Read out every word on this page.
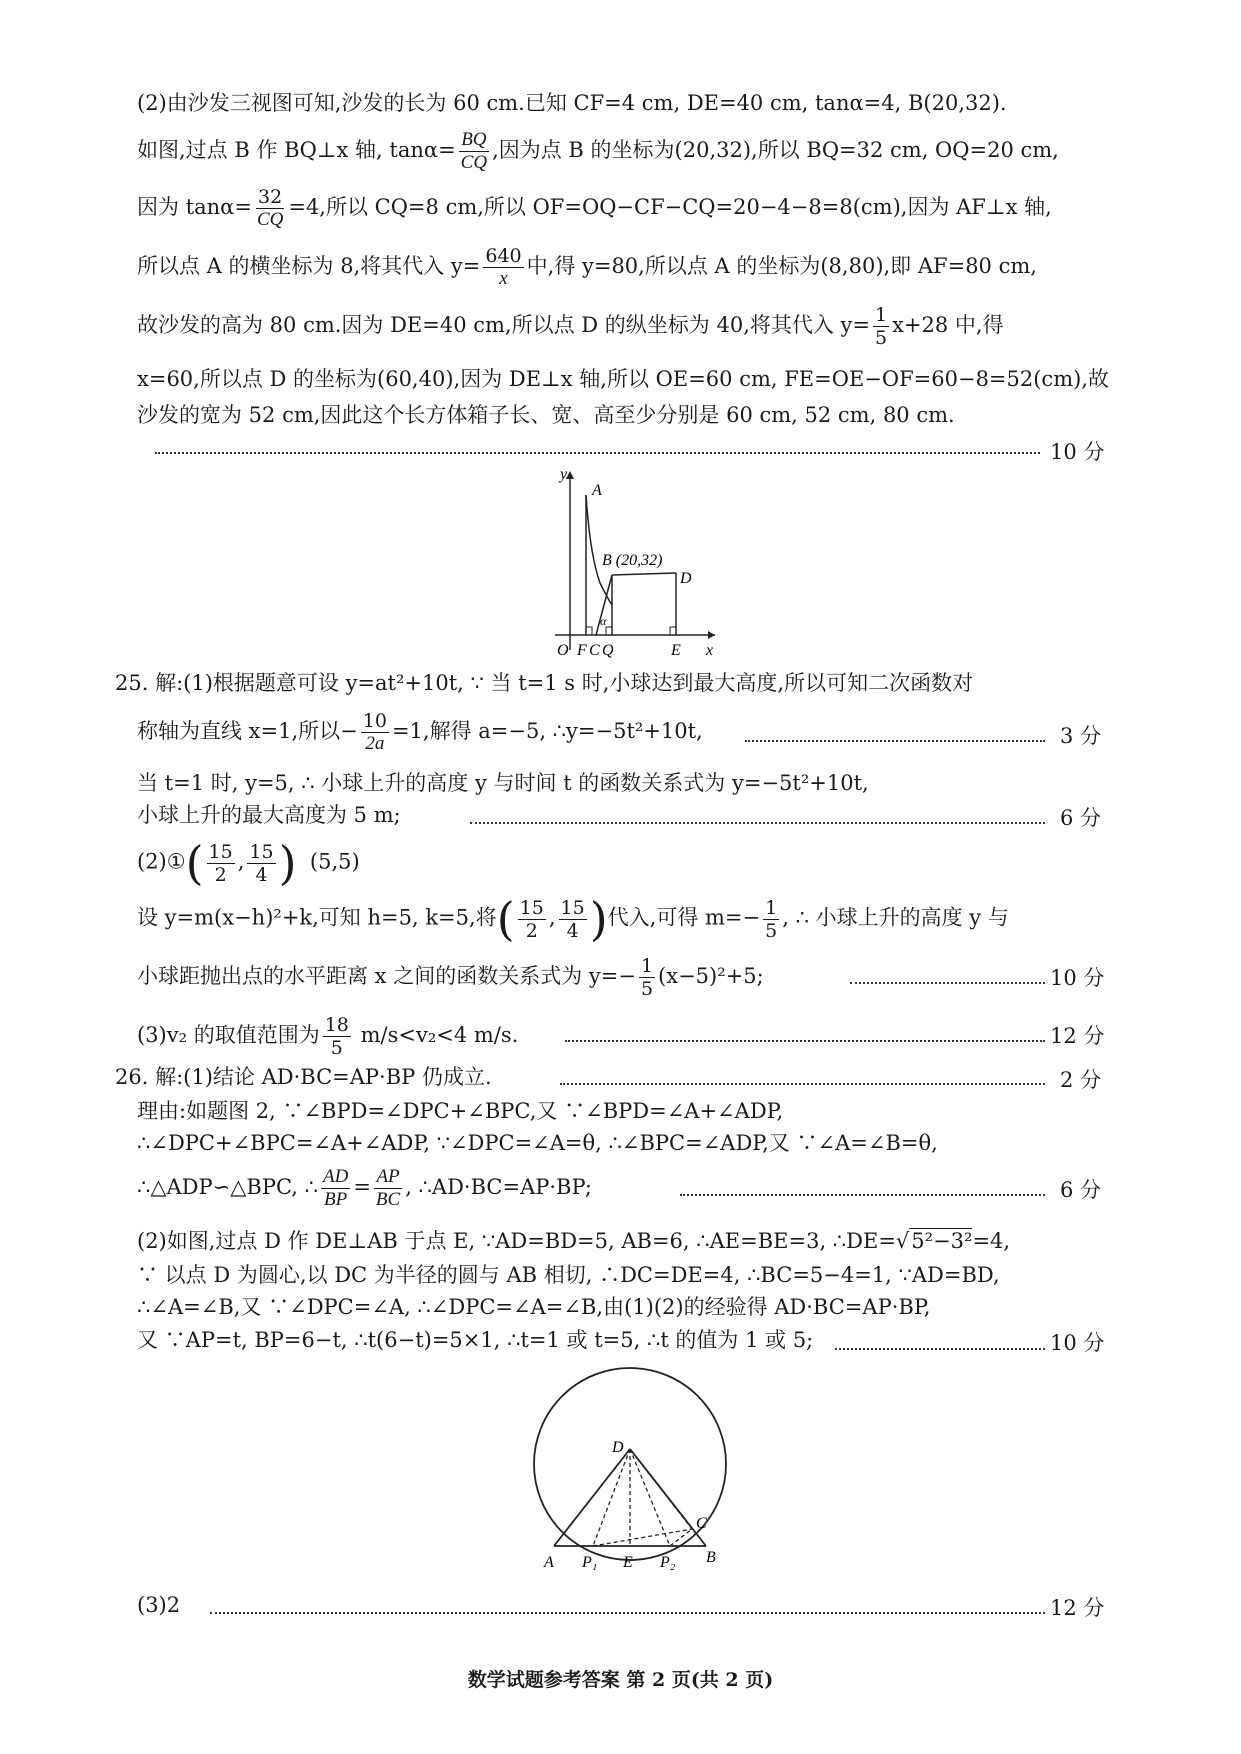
(2)由沙发三视图可知,沙发的长为 60 cm.已知 CF=4 cm, DE=40 cm, tanα=4, B(20,32).
如图,过点 B 作 BQ⊥x 轴, $\tan\alpha= \frac{BQ}{CQ}$ ,因为点 B 的坐标为(20,32),所以 BQ=32 cm, OQ=20 cm,
因为 $\tan\alpha= \frac{32}{CQ} =4$,所以 CQ=8 cm,所以 OF=OQ−CF−CQ=20−4−8=8(cm),因为 AF⊥x 轴,
所以点 A 的横坐标为 8,将其代入 $y= \frac{640}{x}$ 中,得 y=80,所以点 A 的坐标为(8,80),即 AF=80 cm,
故沙发的高为 80 cm.因为 DE=40 cm,所以点 D 的纵坐标为 40,将其代入 $y= \frac{1}{5} x+28$ 中,得
x=60,所以点 D 的坐标为(60,40),因为 DE⊥x 轴,所以 OE=60 cm, FE=OE−OF=60−8=52(cm),故
沙发的宽为 52 cm,因此这个长方体箱子长、宽、高至少分别是 60 cm, 52 cm, 80 cm.
10 分
y
A
B (20,32)
D
α
O F C Q	E x
25. 解:(1)根据题意可设 y=at²+10t, ∵ 当 t=1 s 时,小球达到最大高度,所以可知二次函数对
称轴为直线 x=1,所以− $\frac{10}{2a} =1$,解得 a=−5, ∴y=−5t²+10t,	3 分
当 t=1 时, y=5, ∴ 小球上升的高度 y 与时间 t 的函数关系式为 y=−5t²+10t,
小球上升的最大高度为 5 m;	6 分
(2)①( $\frac{15}{2}$ , $\frac{15}{4}$ ) (5,5)
设 y=m(x−h)²+k,可知 h=5, k=5,将( $\frac{15}{2}$ , $\frac{15}{4}$ )代入,可得 $m=- \frac{1}{5}$ , ∴ 小球上升的高度 y 与
小球距抛出点的水平距离 x 之间的函数关系式为 $y=- \frac{1}{5} (x-5)^2+5$;	10 分
(3)v₂ 的取值范围为 $\frac{18}{5} m/s<v_2<4$ m/s.	12 分
26. 解:(1)结论 AD·BC=AP·BP 仍成立.	2 分
理由:如题图 2, ∵∠BPD=∠DPC+∠BPC,又 ∵∠BPD=∠A+∠ADP,
∴∠DPC+∠BPC=∠A+∠ADP, ∵∠DPC=∠A=θ, ∴∠BPC=∠ADP,又 ∵∠A=∠B=θ,
∴△ADP∽△BPC, ∴ $\frac{AD}{BP} = \frac{AP}{BC}$ , ∴AD·BC=AP·BP;	6 分
(2)如图,过点 D 作 DE⊥AB 于点 E, ∵AD=BD=5, AB=6, ∴AE=BE=3, ∴DE=√5²−3²=4,
∵ 以点 D 为圆心,以 DC 为半径的圆与 AB 相切, ∴DC=DE=4, ∴BC=5−4=1, ∵AD=BD,
∴∠A=∠B,又 ∵∠DPC=∠A, ∴∠DPC=∠A=∠B,由(1)(2)的经验得 AD·BC=AP·BP,
又 ∵AP=t, BP=6−t, ∴t(6−t)=5×1, ∴t=1 或 t=5, ∴t 的值为 1 或 5;	10 分
D
A P₁ E P₂ B
C
(3)2	12 分
数学试题参考答案 第 2 页(共 2 页)
